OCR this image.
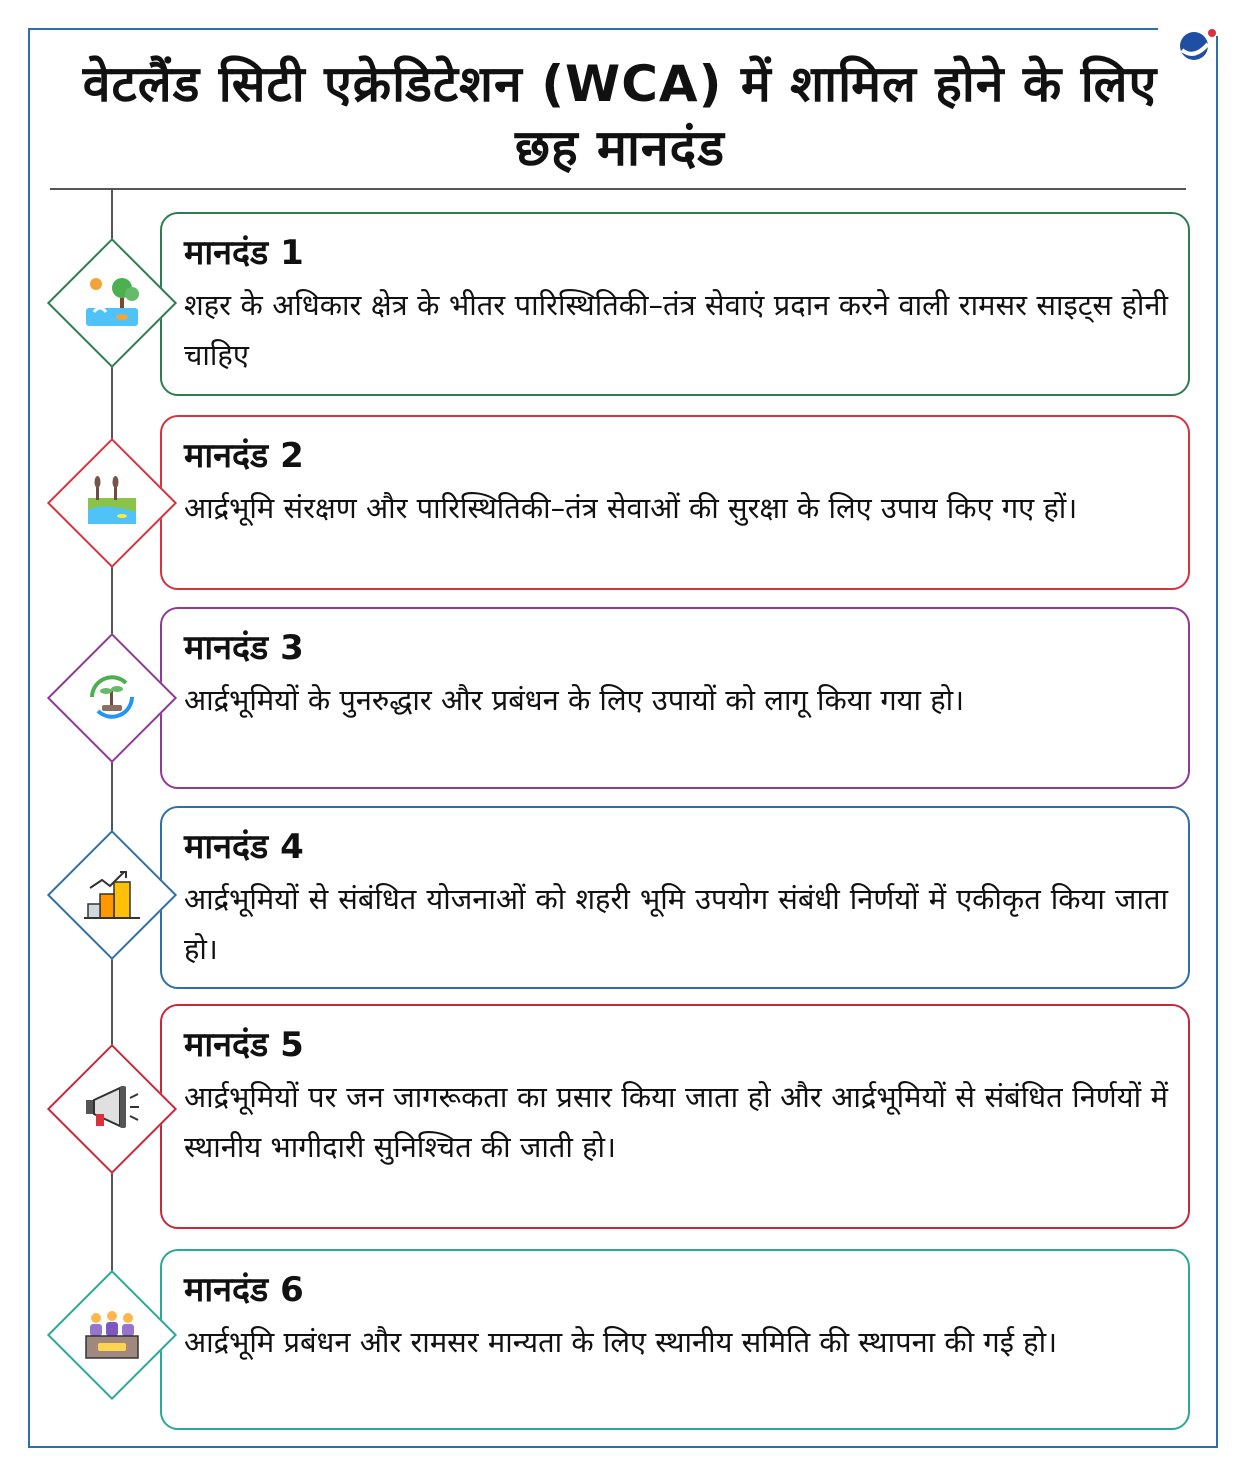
वेटलैंड सिटी एक्रेडिटेशन (WCA) में शामिल होने के लिए छह मानदंड

मानदंड 1

शहर के अधिकार क्षेत्र के भीतर पारिस्थितिकी–तंत्र सेवाएं प्रदान करने वाली रामसर साइट्स होनी चाहिए

मानदंड 2

आर्द्रभूमि संरक्षण और पारिस्थितिकी–तंत्र सेवाओं की सुरक्षा के लिए उपाय किए गए हों।

मानदंड 3

आर्द्रभूमियों के पुनरुद्धार और प्रबंधन के लिए उपायों को लागू किया गया हो।

मानदंड 4

आर्द्रभूमियों से संबंधित योजनाओं को शहरी भूमि उपयोग संबंधी निर्णयों में एकीकृत किया जाता हो।

मानदंड 5

आर्द्रभूमियों पर जन जागरूकता का प्रसार किया जाता हो और आर्द्रभूमियों से संबंधित निर्णयों में स्थानीय भागीदारी सुनिश्चित की जाती हो।

मानदंड 6

आर्द्रभूमि प्रबंधन और रामसर मान्यता के लिए स्थानीय समिति की स्थापना की गई हो।
